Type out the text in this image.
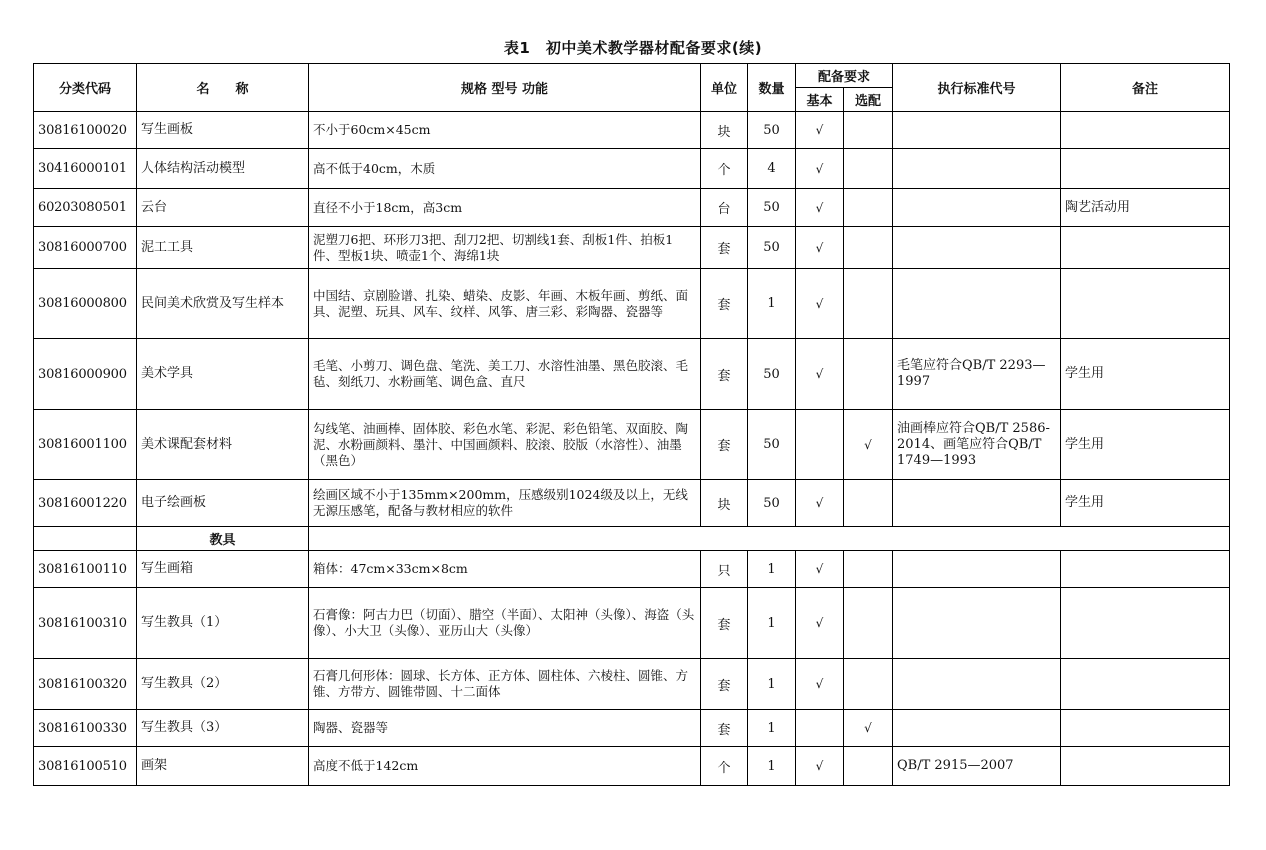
表1　初中美术教学器材配备要求(续)
分类代码	名　　称	规格 型号 功能	单位	数量	配备要求		执行标准代号	备注
					基本	选配		
30816100020	写生画板	不小于60cm×45cm	块	50	√			
30416000101	人体结构活动模型	高不低于40cm，木质	个	4	√			
60203080501	云台	直径不小于18cm，高3cm	台	50	√			陶艺活动用
30816000700	泥工工具	泥塑刀6把、环形刀3把、刮刀2把、切割线1套、刮板1件、拍板1件、型板1块、喷壶1个、海绵1块	套	50	√			
30816000800	民间美术欣赏及写生样本	中国结、京剧脸谱、扎染、蜡染、皮影、年画、木板年画、剪纸、面具、泥塑、玩具、风车、纹样、风筝、唐三彩、彩陶器、瓷器等	套	1	√			
30816000900	美术学具	毛笔、小剪刀、调色盘、笔洗、美工刀、水溶性油墨、黑色胶滚、毛毡、刻纸刀、水粉画笔、调色盒、直尺	套	50	√		毛笔应符合QB/T 2293—1997	学生用
30816001100	美术课配套材料	勾线笔、油画棒、固体胶、彩色水笔、彩泥、彩色铅笔、双面胶、陶泥、水粉画颜料、墨汁、中国画颜料、胶滚、胶版（水溶性）、油墨（黑色）	套	50		√	油画棒应符合QB/T 2586-2014、画笔应符合QB/T 1749—1993	学生用
30816001220	电子绘画板	绘画区域不小于135mm×200mm，压感级别1024级及以上，无线无源压感笔，配备与教材相应的软件	块	50	√			学生用
	教具							
30816100110	写生画箱	箱体：47cm×33cm×8cm	只	1	√			
30816100310	写生教具（1）	石膏像：阿古力巴（切面）、腊空（半面）、太阳神（头像）、海盗（头像）、小大卫（头像）、亚历山大（头像）	套	1	√			
30816100320	写生教具（2）	石膏几何形体：圆球、长方体、正方体、圆柱体、六棱柱、圆锥、方锥、方带方、圆锥带圆、十二面体	套	1	√			
30816100330	写生教具（3）	陶器、瓷器等	套	1		√		
30816100510	画架	高度不低于142cm	个	1	√		QB/T 2915—2007	
